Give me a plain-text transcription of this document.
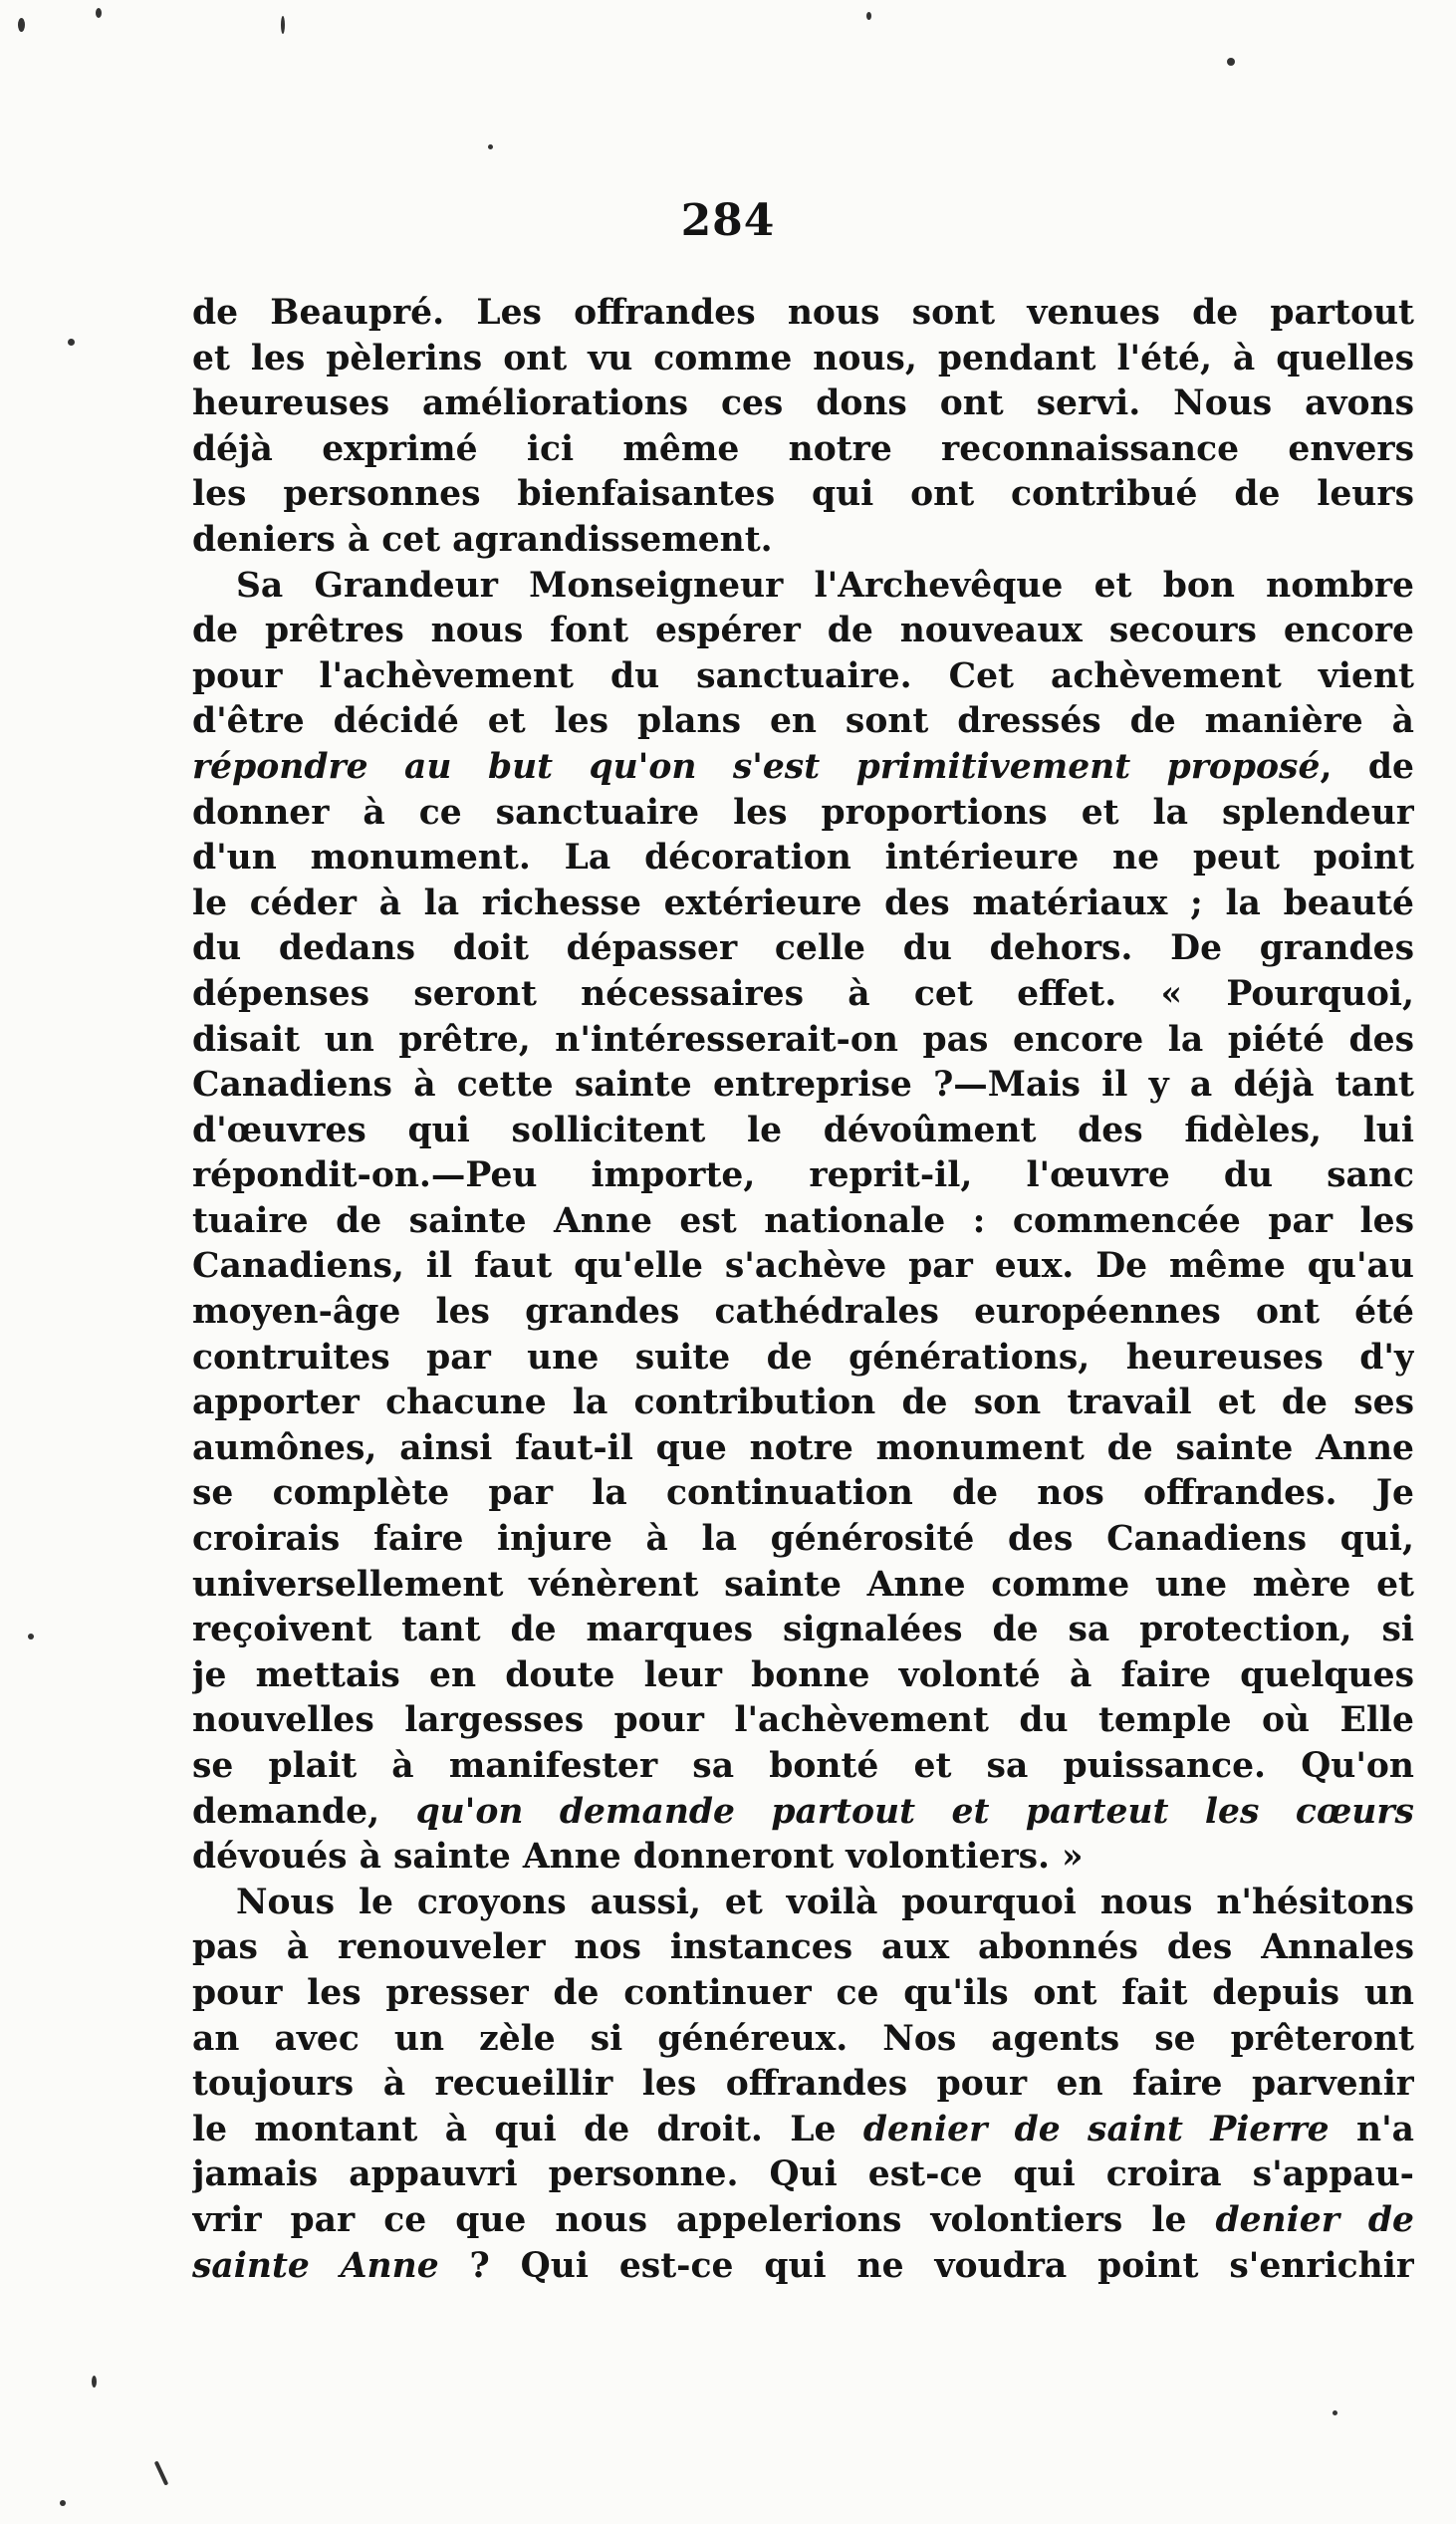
284
de Beaupré. Les offrandes nous sont venues de partout
et les pèlerins ont vu comme nous, pendant l'été, à quelles
heureuses améliorations ces dons ont servi. Nous avons
déjà exprimé ici même notre reconnaissance envers
les personnes bienfaisantes qui ont contribué de leurs
deniers à cet agrandissement.
Sa Grandeur Monseigneur l'Archevêque et bon nombre
de prêtres nous font espérer de nouveaux secours encore
pour l'achèvement du sanctuaire. Cet achèvement vient
d'être décidé et les plans en sont dressés de manière à
répondre au but qu'on s'est primitivement proposé, de
donner à ce sanctuaire les proportions et la splendeur
d'un monument. La décoration intérieure ne peut point
le céder à la richesse extérieure des matériaux ; la beauté
du dedans doit dépasser celle du dehors. De grandes
dépenses seront nécessaires à cet effet. « Pourquoi,
disait un prêtre, n'intéresserait-on pas encore la piété des
Canadiens à cette sainte entreprise ?—Mais il y a déjà tant
d'œuvres qui sollicitent le dévoûment des fidèles, lui
répondit-on.—Peu importe, reprit-il, l'œuvre du sanc
tuaire de sainte Anne est nationale : commencée par les
Canadiens, il faut qu'elle s'achève par eux. De même qu'au
moyen-âge les grandes cathédrales européennes ont été
contruites par une suite de générations, heureuses d'y
apporter chacune la contribution de son travail et de ses
aumônes, ainsi faut-il que notre monument de sainte Anne
se complète par la continuation de nos offrandes. Je
croirais faire injure à la générosité des Canadiens qui,
universellement vénèrent sainte Anne comme une mère et
reçoivent tant de marques signalées de sa protection, si
je mettais en doute leur bonne volonté à faire quelques
nouvelles largesses pour l'achèvement du temple où Elle
se plait à manifester sa bonté et sa puissance. Qu'on
demande, qu'on demande partout et parteut les cœurs
dévoués à sainte Anne donneront volontiers. »
Nous le croyons aussi, et voilà pourquoi nous n'hésitons
pas à renouveler nos instances aux abonnés des Annales
pour les presser de continuer ce qu'ils ont fait depuis un
an avec un zèle si généreux. Nos agents se prêteront
toujours à recueillir les offrandes pour en faire parvenir
le montant à qui de droit. Le denier de saint Pierre n'a
jamais appauvri personne. Qui est-ce qui croira s'appau-
vrir par ce que nous appelerions volontiers le denier de
sainte Anne ? Qui est-ce qui ne voudra point s'enrichir
